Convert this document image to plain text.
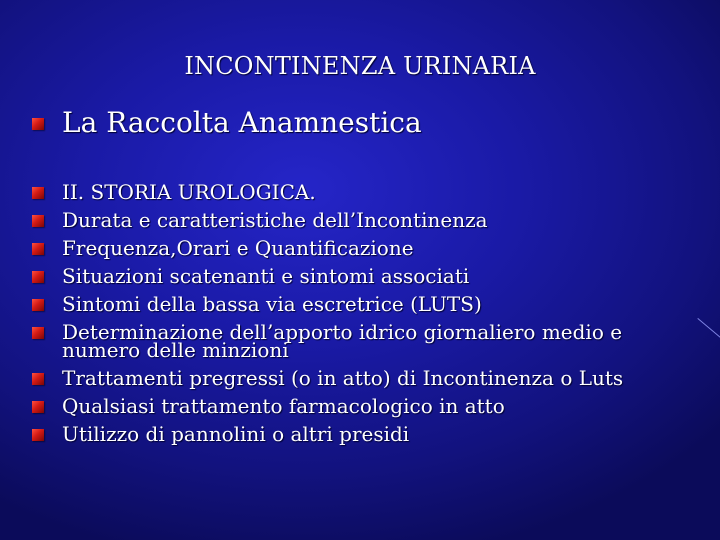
INCONTINENZA URINARIA
La Raccolta Anamnestica
II. STORIA UROLOGICA.
Durata e caratteristiche dell’Incontinenza
Frequenza,Orari e Quantificazione
Situazioni scatenanti e sintomi associati
Sintomi della bassa via escretrice (LUTS)
Determinazione dell’apporto idrico giornaliero medio e numero delle minzioni
Trattamenti pregressi (o in atto) di Incontinenza o Luts
Qualsiasi trattamento farmacologico in atto
Utilizzo di pannolini o altri presidi
